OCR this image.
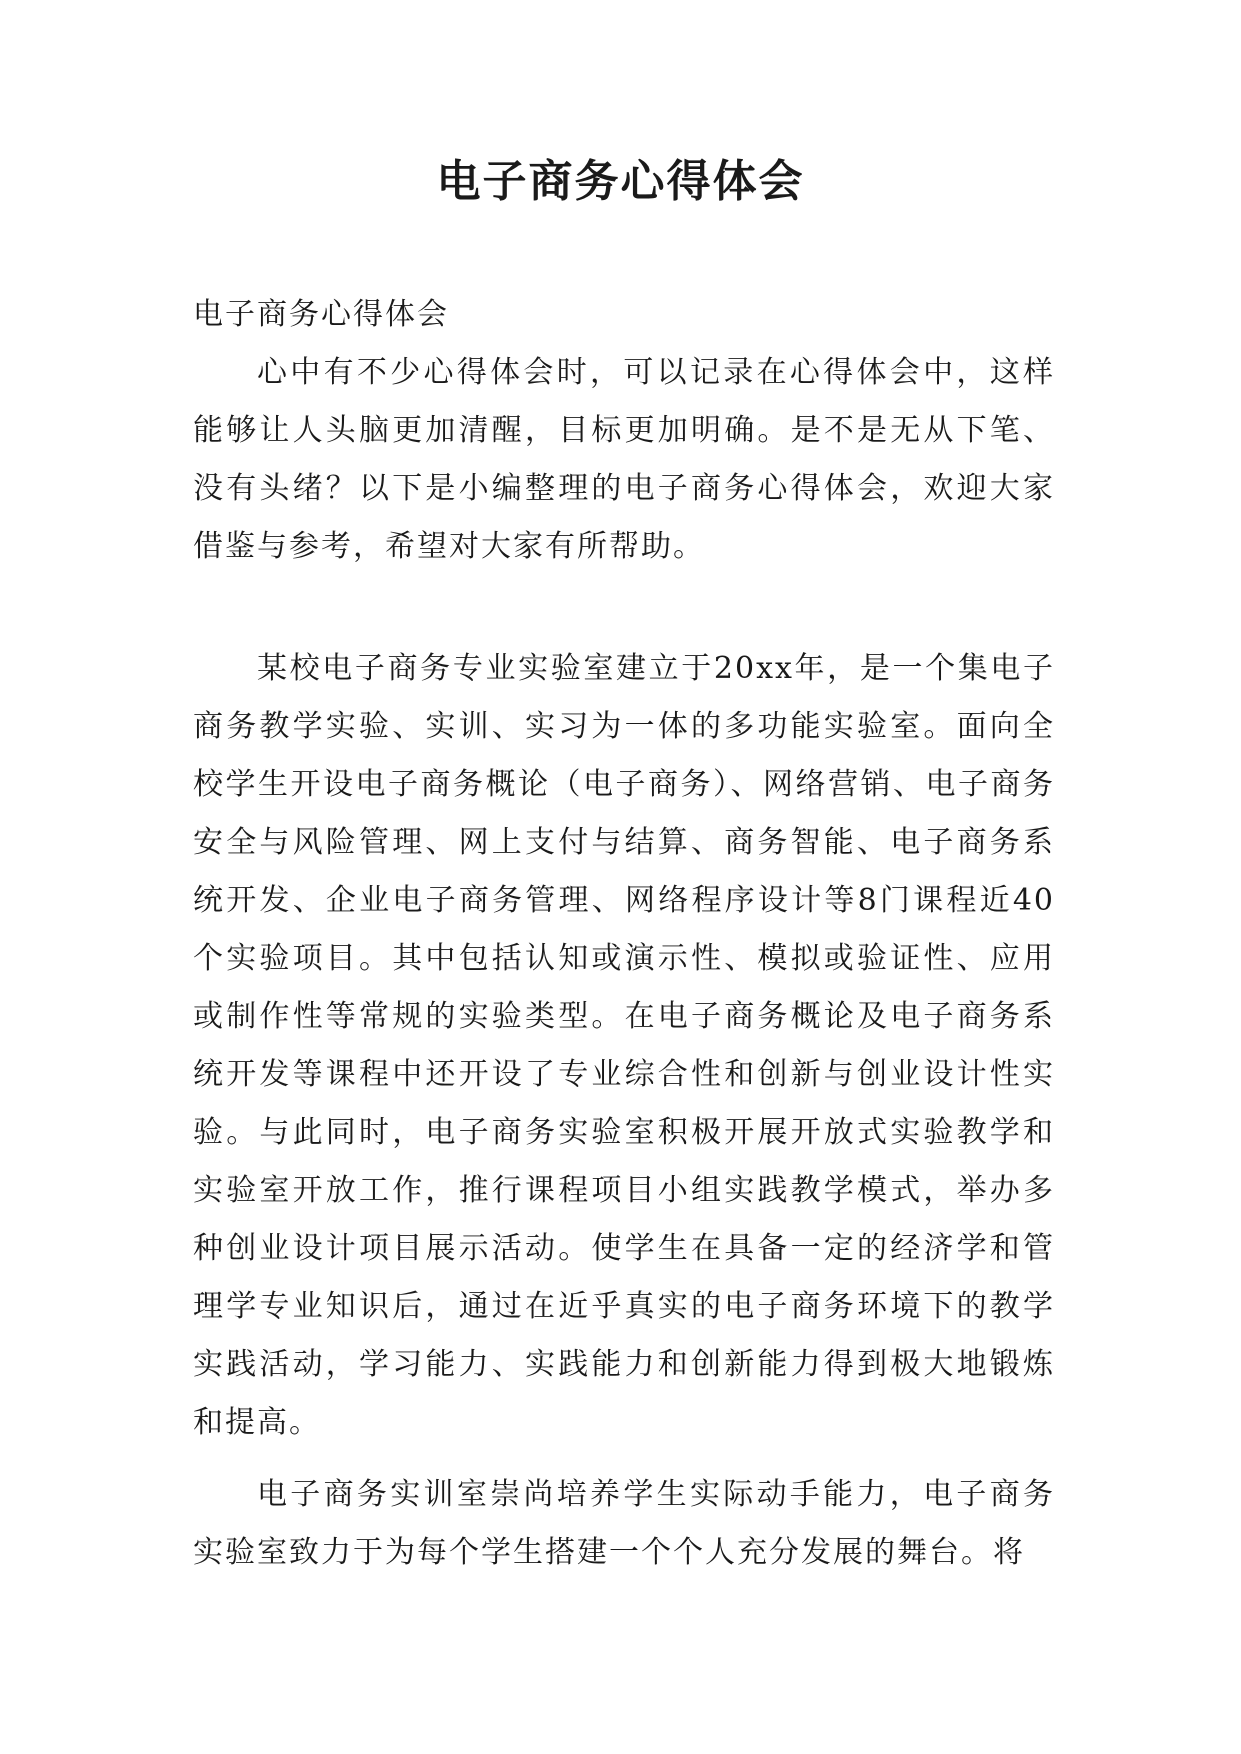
电子商务心得体会

电子商务心得体会

心中有不少心得体会时，可以记录在心得体会中，这样能够让人头脑更加清醒，目标更加明确。是不是无从下笔、没有头绪？以下是小编整理的电子商务心得体会，欢迎大家借鉴与参考，希望对大家有所帮助。

某校电子商务专业实验室建立于20xx年，是一个集电子商务教学实验、实训、实习为一体的多功能实验室。面向全校学生开设电子商务概论（电子商务）、网络营销、电子商务安全与风险管理、网上支付与结算、商务智能、电子商务系统开发、企业电子商务管理、网络程序设计等8门课程近40个实验项目。其中包括认知或演示性、模拟或验证性、应用或制作性等常规的实验类型。在电子商务概论及电子商务系统开发等课程中还开设了专业综合性和创新与创业设计性实验。与此同时，电子商务实验室积极开展开放式实验教学和实验室开放工作，推行课程项目小组实践教学模式，举办多种创业设计项目展示活动。使学生在具备一定的经济学和管理学专业知识后，通过在近乎真实的电子商务环境下的教学实践活动，学习能力、实践能力和创新能力得到极大地锻炼和提高。

电子商务实训室崇尚培养学生实际动手能力，电子商务实验室致力于为每个学生搭建一个个人充分发展的舞台。将
